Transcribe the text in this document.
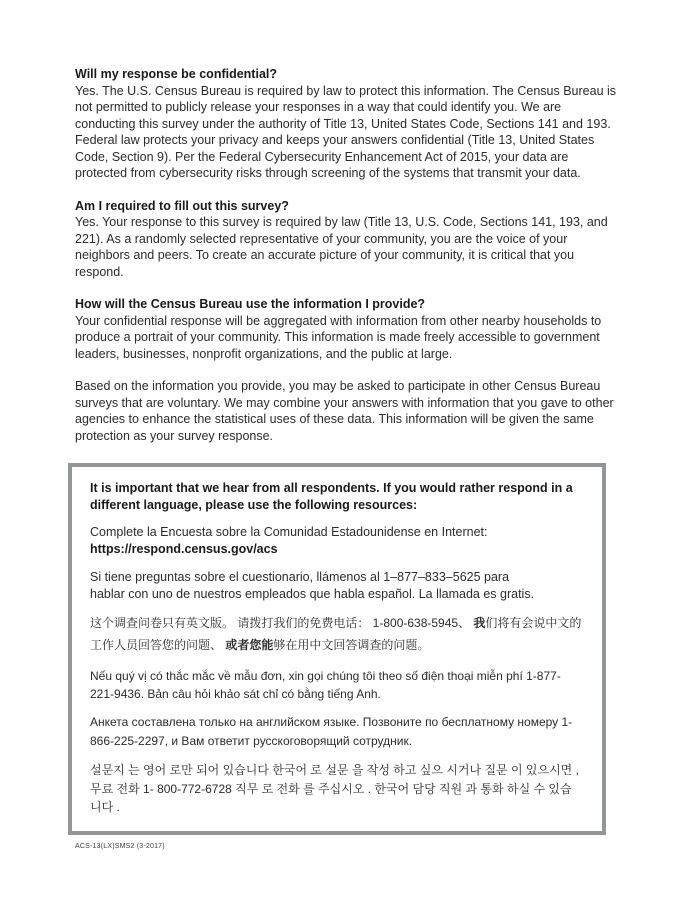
Will my response be confidential?

Yes. The U.S. Census Bureau is required by law to protect this information. The Census Bureau is not permitted to publicly release your responses in a way that could identify you. We are conducting this survey under the authority of Title 13, United States Code, Sections 141 and 193. Federal law protects your privacy and keeps your answers confidential (Title 13, United States Code, Section 9). Per the Federal Cybersecurity Enhancement Act of 2015, your data are protected from cybersecurity risks through screening of the systems that transmit your data.

Am I required to fill out this survey?

Yes. Your response to this survey is required by law (Title 13, U.S. Code, Sections 141, 193, and 221). As a randomly selected representative of your community, you are the voice of your neighbors and peers. To create an accurate picture of your community, it is critical that you respond.

How will the Census Bureau use the information I provide?

Your confidential response will be aggregated with information from other nearby households to produce a portrait of your community. This information is made freely accessible to government leaders, businesses, nonprofit organizations, and the public at large.

Based on the information you provide, you may be asked to participate in other Census Bureau surveys that are voluntary. We may combine your answers with information that you gave to other agencies to enhance the statistical uses of these data. This information will be given the same protection as your survey response.

It is important that we hear from all respondents. If you would rather respond in a different language, please use the following resources:

Complete la Encuesta sobre la Comunidad Estadounidense en Internet:
https://respond.census.gov/acs

Si tiene preguntas sobre el cuestionario, llámenos al 1–877–833–5625 para
hablar con uno de nuestros empleados que habla español. La llamada es gratis.

这个调查问卷只有英文版。 请拨打我们的免费电话： 1-800-638-5945、 我们将有会说中文的工作人员回答您的问题、 或者您能够在用中文回答调查的问题。

Nếu quý vị có thắc mắc về mẫu đơn, xin gọi chúng tôi theo số điện thoại miễn phí 1-877-221-9436. Bản câu hỏi khảo sát chỉ có bằng tiếng Anh.

Анкета составлена только на английском языке. Позвоните по бесплатному номеру 1-866-225-2297, и Вам ответит русскоговорящий сотрудник.

설문지 는 영어 로만 되어 있습니다 한국어 로 설문 을 작성 하고 싶으 시거나 질문 이 있으시면 , 무료 전화 1- 800-772-6728 직무 로 전화 를 주십시오 . 한국어 담당 직원 과 통화 하실 수 있습니다 .

ACS-13(LX)SMS2 (3-2017)
